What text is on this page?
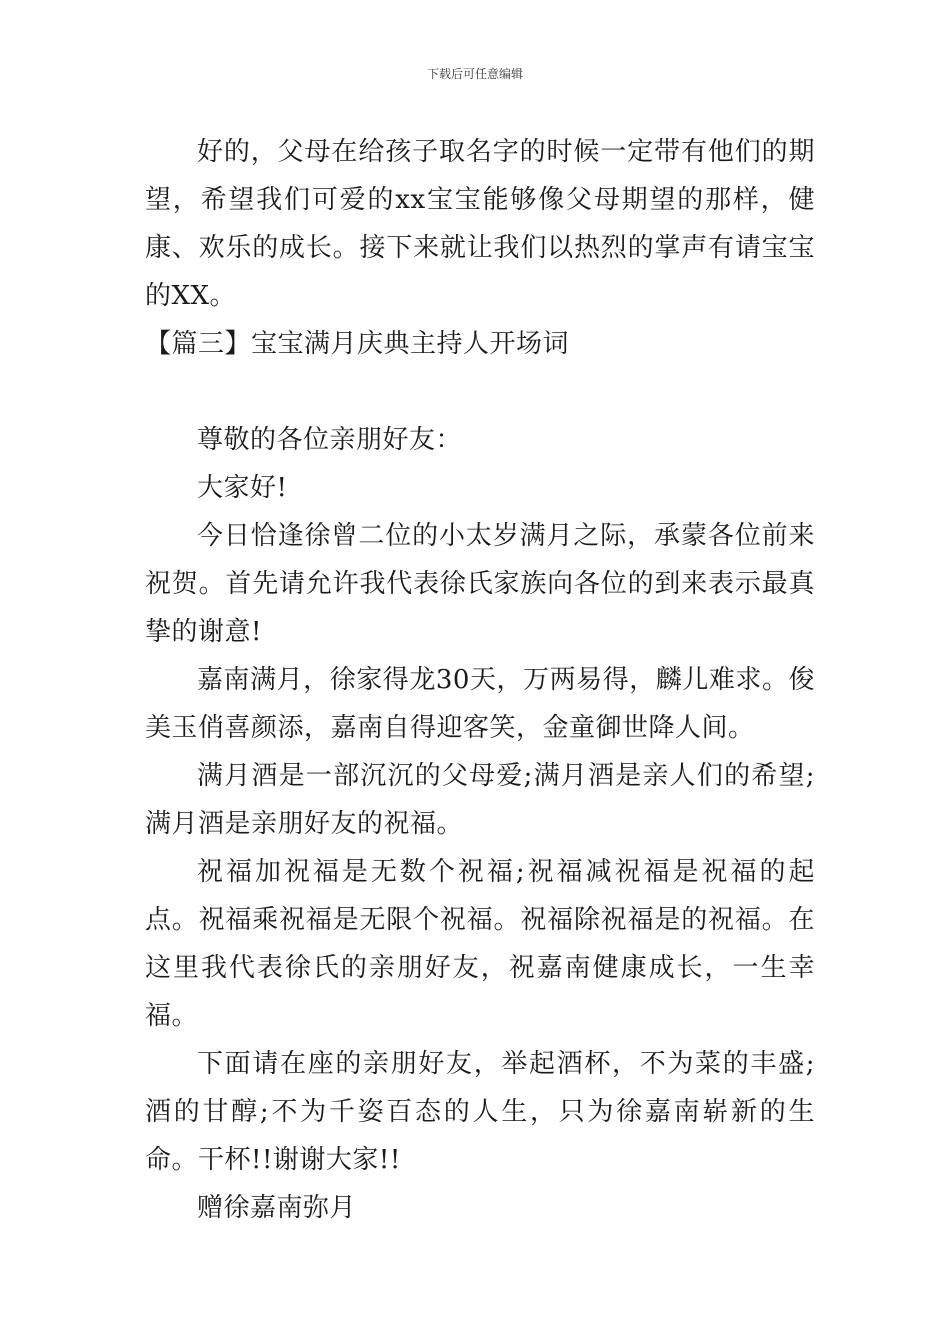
下载后可任意编辑

好的，父母在给孩子取名字的时候一定带有他们的期望，希望我们可爱的xx宝宝能够像父母期望的那样，健康、欢乐的成长。接下来就让我们以热烈的掌声有请宝宝的XX。

【篇三】宝宝满月庆典主持人开场词

尊敬的各位亲朋好友：

大家好!

今日恰逢徐曾二位的小太岁满月之际，承蒙各位前来祝贺。首先请允许我代表徐氏家族向各位的到来表示最真挚的谢意!

嘉南满月，徐家得龙30天，万两易得，麟儿难求。俊美玉俏喜颜添，嘉南自得迎客笑，金童御世降人间。

满月酒是一部沉沉的父母爱;满月酒是亲人们的希望;满月酒是亲朋好友的祝福。

祝福加祝福是无数个祝福;祝福减祝福是祝福的起点。祝福乘祝福是无限个祝福。祝福除祝福是的祝福。在这里我代表徐氏的亲朋好友，祝嘉南健康成长，一生幸福。

下面请在座的亲朋好友，举起酒杯，不为菜的丰盛;酒的甘醇;不为千姿百态的人生，只为徐嘉南崭新的生命。干杯!!谢谢大家!!

赠徐嘉南弥月
